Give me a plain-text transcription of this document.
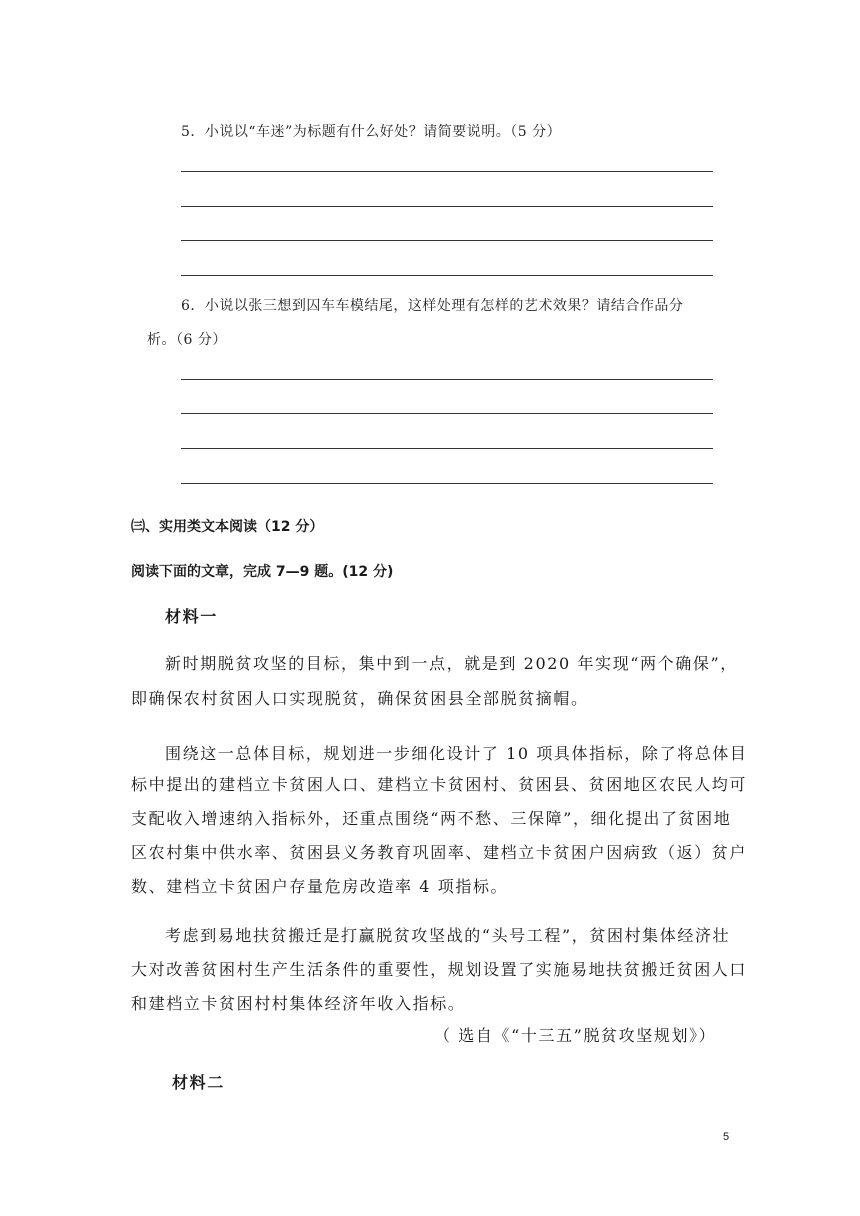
5．小说以“车迷”为标题有什么好处？请简要说明。（5 分）
6．小说以张三想到囚车车模结尾，这样处理有怎样的艺术效果？请结合作品分
析。（6 分）
㈢、实用类文本阅读（12 分）
阅读下面的文章，完成 7—9 题。(12 分)
材料一
新时期脱贫攻坚的目标，集中到一点，就是到 2020 年实现“两个确保”，
即确保农村贫困人口实现脱贫，确保贫困县全部脱贫摘帽。
围绕这一总体目标，规划进一步细化设计了 10 项具体指标，除了将总体目
标中提出的建档立卡贫困人口、建档立卡贫困村、贫困县、贫困地区农民人均可
支配收入增速纳入指标外，还重点围绕“两不愁、三保障”，细化提出了贫困地
区农村集中供水率、贫困县义务教育巩固率、建档立卡贫困户因病致（返）贫户
数、建档立卡贫困户存量危房改造率 4 项指标。
考虑到易地扶贫搬迁是打赢脱贫攻坚战的“头号工程”，贫困村集体经济壮
大对改善贫困村生产生活条件的重要性，规划设置了实施易地扶贫搬迁贫困人口
和建档立卡贫困村村集体经济年收入指标。
（ 选自《“十三五”脱贫攻坚规划》）
材料二
5
